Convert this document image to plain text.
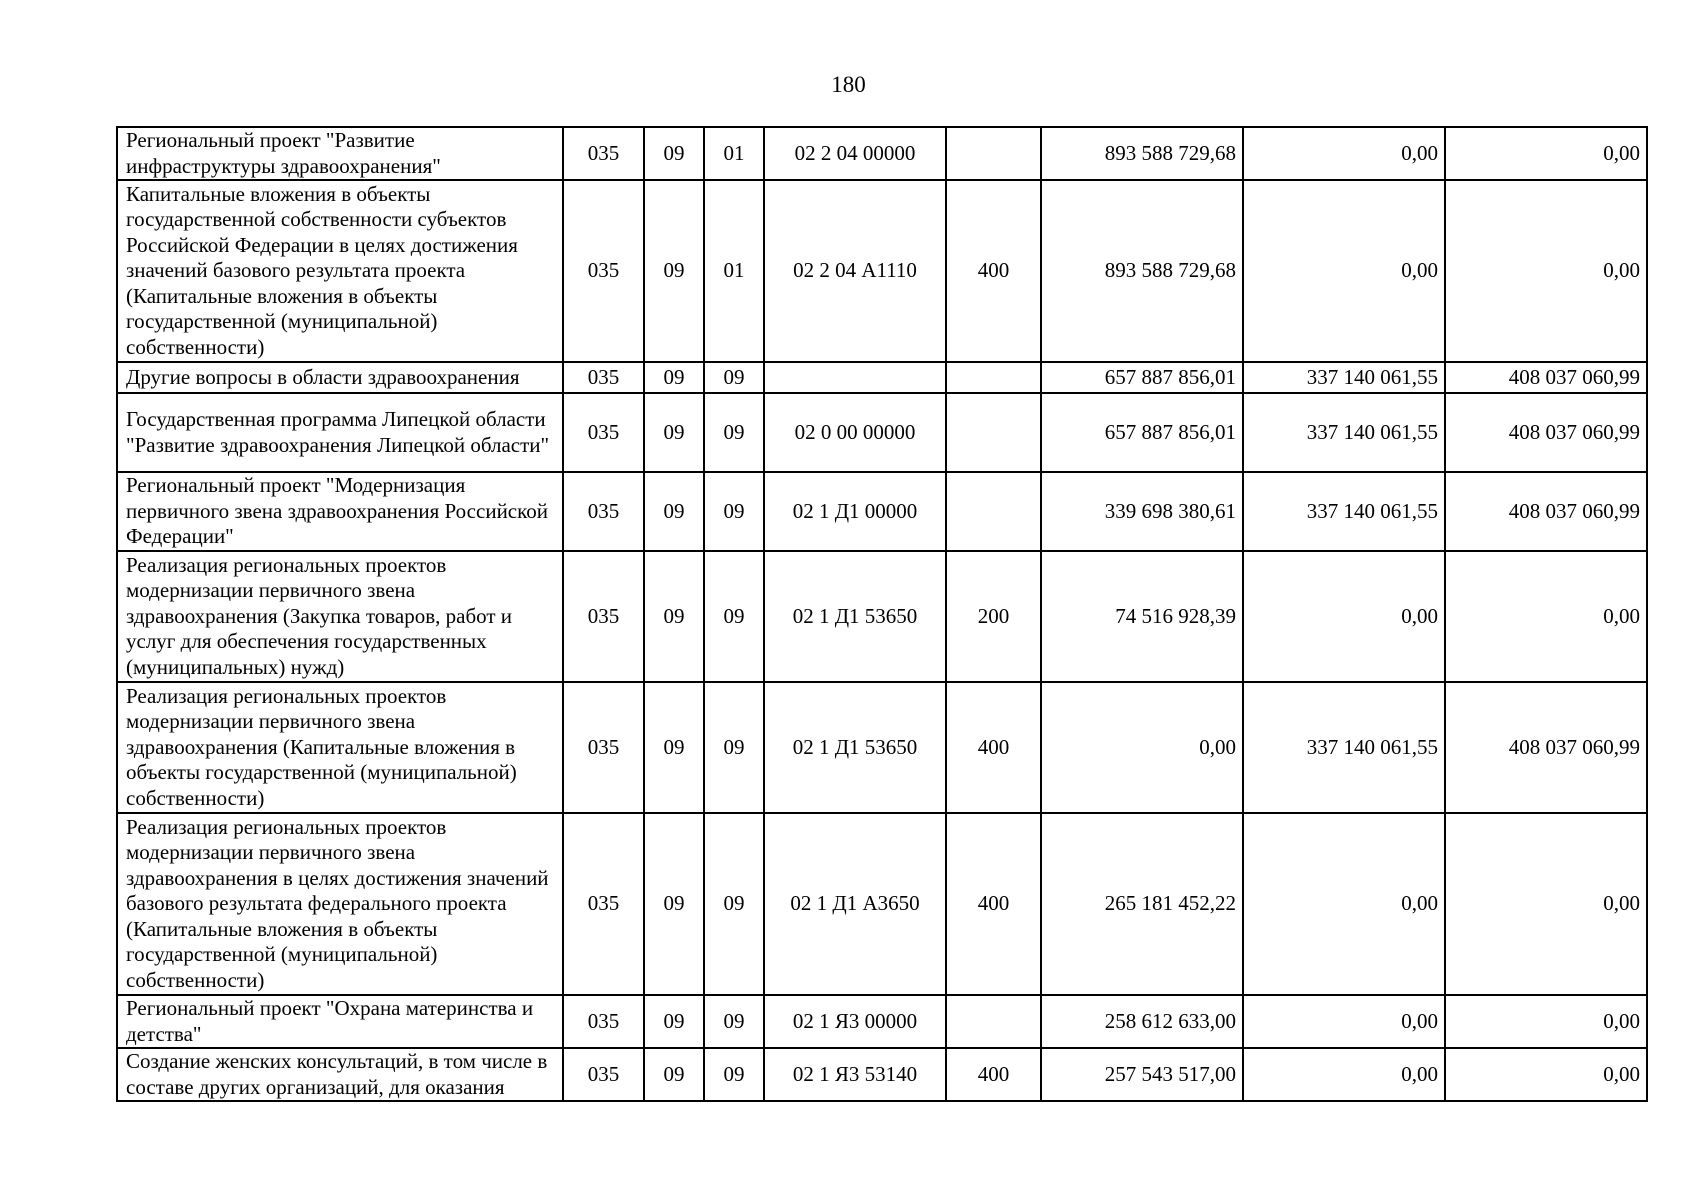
180
Региональный проект "Развитие инфраструктуры здравоохранения"	035	09	01	02 2 04 00000		893 588 729,68	0,00	0,00
Капитальные вложения в объекты государственной собственности субъектов Российской Федерации в целях достижения значений базового результата проекта (Капитальные вложения в объекты государственной (муниципальной) собственности)	035	09	01	02 2 04 А1110	400	893 588 729,68	0,00	0,00
Другие вопросы в области здравоохранения	035	09	09			657 887 856,01	337 140 061,55	408 037 060,99
Государственная программа Липецкой области "Развитие здравоохранения Липецкой области"	035	09	09	02 0 00 00000		657 887 856,01	337 140 061,55	408 037 060,99
Региональный проект "Модернизация первичного звена здравоохранения Российской Федерации"	035	09	09	02 1 Д1 00000		339 698 380,61	337 140 061,55	408 037 060,99
Реализация региональных проектов модернизации первичного звена здравоохранения (Закупка товаров, работ и услуг для обеспечения государственных (муниципальных) нужд)	035	09	09	02 1 Д1 53650	200	74 516 928,39	0,00	0,00
Реализация региональных проектов модернизации первичного звена здравоохранения (Капитальные вложения в объекты государственной (муниципальной) собственности)	035	09	09	02 1 Д1 53650	400	0,00	337 140 061,55	408 037 060,99
Реализация региональных проектов модернизации первичного звена здравоохранения в целях достижения значений базового результата федерального проекта (Капитальные вложения в объекты государственной (муниципальной) собственности)	035	09	09	02 1 Д1 А3650	400	265 181 452,22	0,00	0,00
Региональный проект "Охрана материнства и детства"	035	09	09	02 1 Я3 00000		258 612 633,00	0,00	0,00
Создание женских консультаций, в том числе в составе других организаций, для оказания	035	09	09	02 1 Я3 53140	400	257 543 517,00	0,00	0,00
